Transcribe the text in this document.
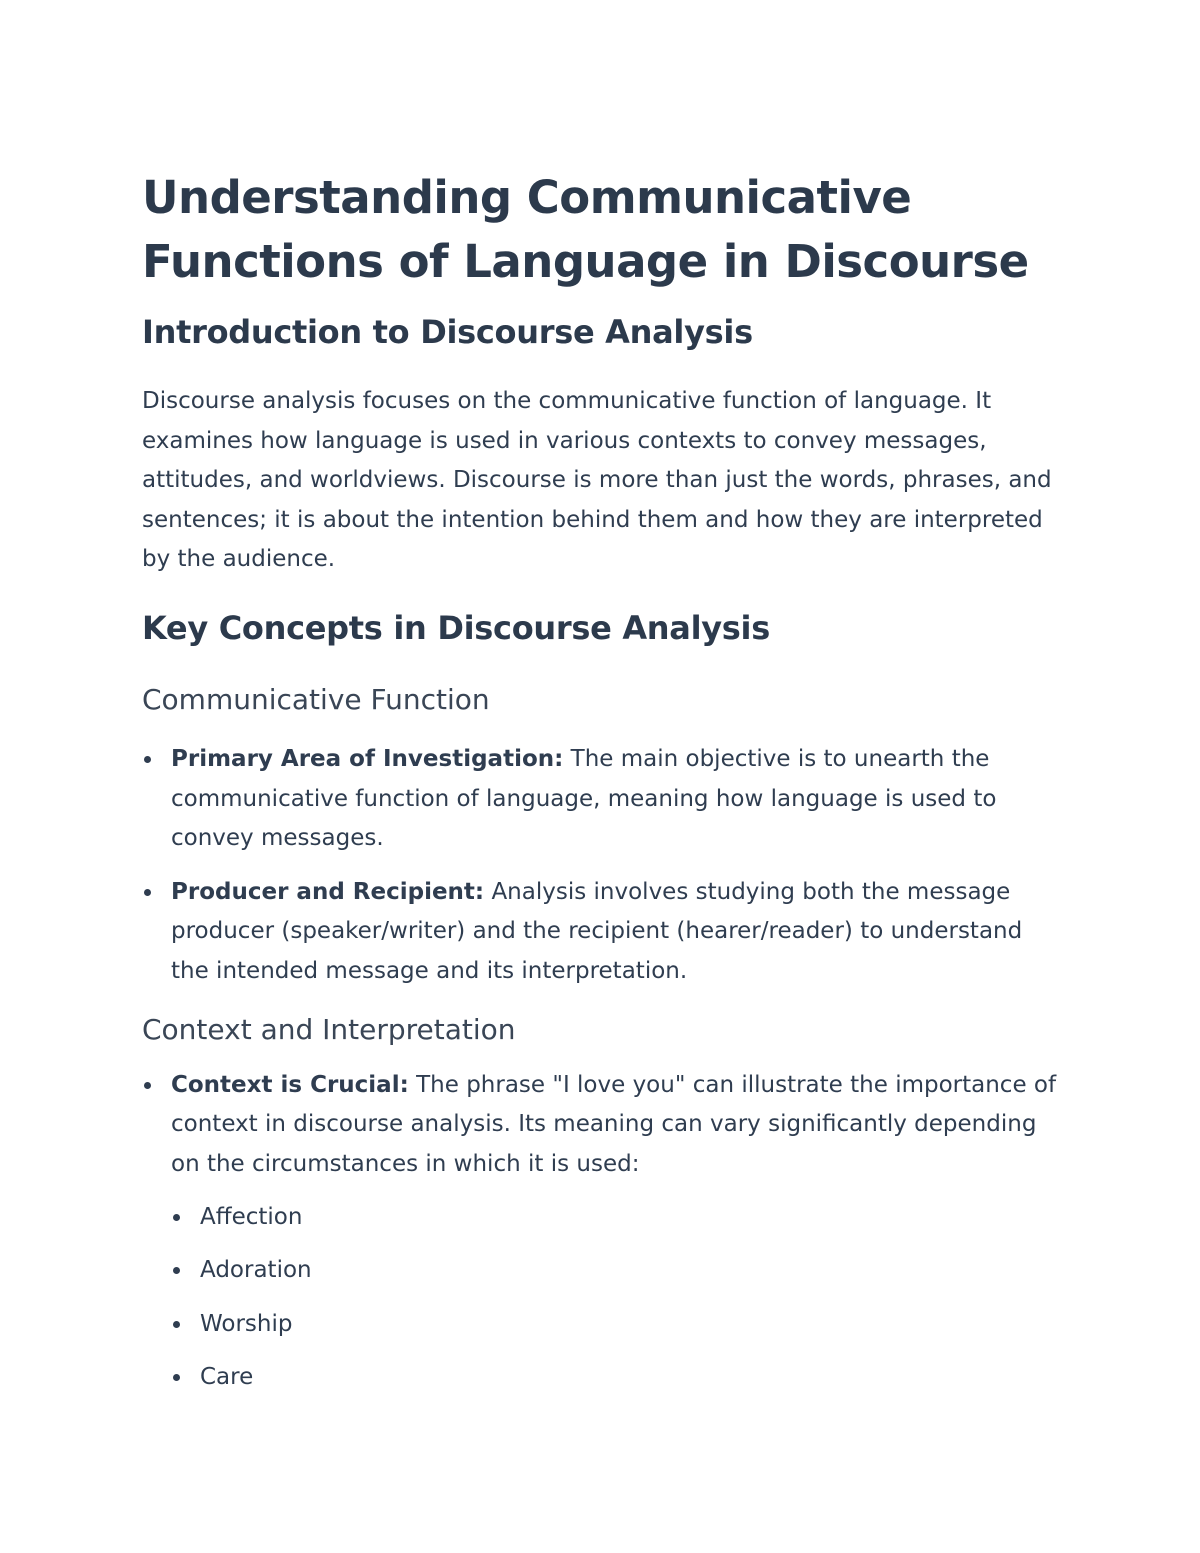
Understanding Communicative Functions of Language in Discourse
Introduction to Discourse Analysis

Discourse analysis focuses on the communicative function of language. It examines how language is used in various contexts to convey messages, attitudes, and worldviews. Discourse is more than just the words, phrases, and sentences; it is about the intention behind them and how they are interpreted by the audience.

Key Concepts in Discourse Analysis
Communicative Function
Primary Area of Investigation: The main objective is to unearth the communicative function of language, meaning how language is used to convey messages.
Producer and Recipient: Analysis involves studying both the message producer (speaker/writer) and the recipient (hearer/reader) to understand the intended message and its interpretation.
Context and Interpretation
Context is Crucial: The phrase "I love you" can illustrate the importance of context in discourse analysis. Its meaning can vary significantly depending on the circumstances in which it is used:
Affection
Adoration
Worship
Care
